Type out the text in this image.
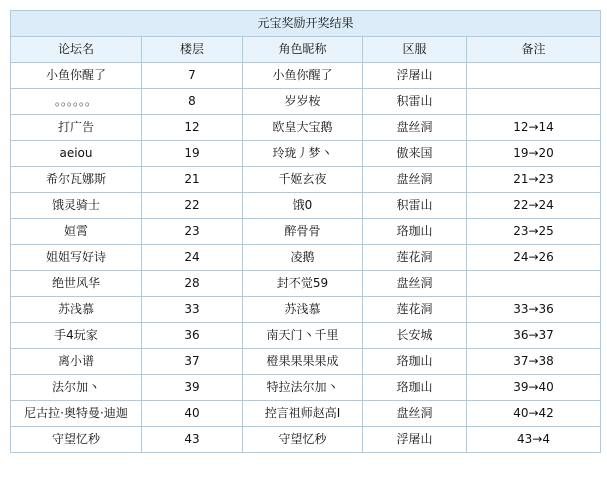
元宝奖励开奖结果				
论坛名	楼层	角色昵称	区服	备注
小鱼你醒了	7	小鱼你醒了	浮屠山	
。。。。。。	8	岁岁桉	积雷山	
打广告	12	欧皇大宝鹅	盘丝洞	12→14
aeiou	19	玲珑丿梦丶	傲来国	19→20
希尔瓦娜斯	21	千姬玄夜	盘丝洞	21→23
饿灵骑士	22	饿0	积雷山	22→24
姮霄	23	醉骨骨	珞珈山	23→25
姐姐写好诗	24	凌鹅	莲花洞	24→26
绝世风华	28	封不觉59	盘丝洞	
苏浅慕	33	苏浅慕	莲花洞	33→36
手4玩家	36	南天门丶千里	长安城	36→37
离小谱	37	橙果果果果成	珞珈山	37→38
法尔加丶	39	特拉法尔加丶	珞珈山	39→40
尼古拉·奥特曼·迪迦	40	控言祖师赵高I	盘丝洞	40→42
守望忆秒	43	守望忆秒	浮屠山	43→4
